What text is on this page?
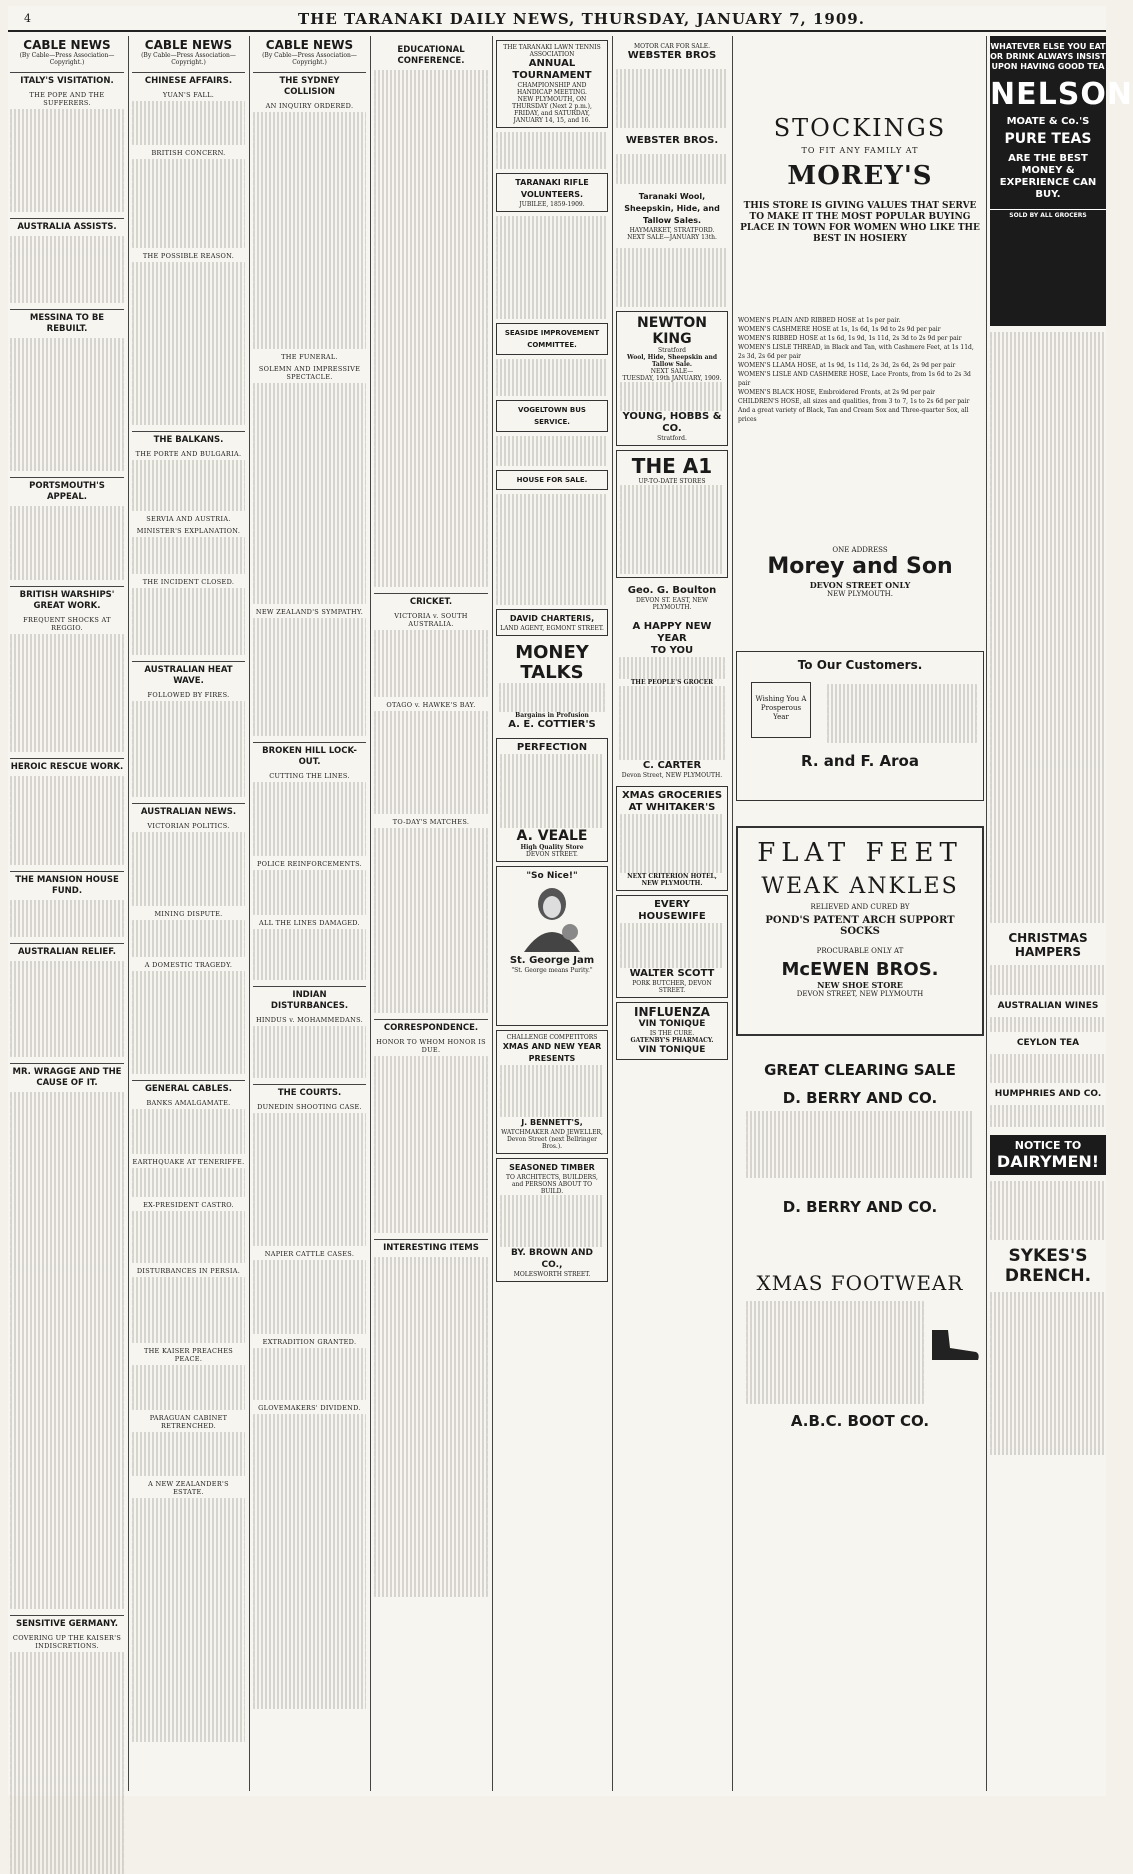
4	THE TARANAKI DAILY NEWS, THURSDAY, JANUARY 7, 1909.
CABLE NEWS
(By Cable—Press Association—Copyright.)
ITALY'S VISITATION.
THE POPE AND THE SUFFERERS.
AUSTRALIA ASSISTS.
MESSINA TO BE REBUILT.
PORTSMOUTH'S APPEAL.
BRITISH WARSHIPS' GREAT WORK.
FREQUENT SHOCKS AT REGGIO.
HEROIC RESCUE WORK.
THE MANSION HOUSE FUND.
AUSTRALIAN RELIEF.
MR. WRAGGE AND THE CAUSE OF IT.
SENSITIVE GERMANY.
COVERING UP THE KAISER'S INDISCRETIONS.
CABLE NEWS
(By Cable—Press Association—Copyright.)
CHINESE AFFAIRS.
YUAN'S FALL.
BRITISH CONCERN.
THE POSSIBLE REASON.
THE BALKANS.
THE PORTE AND BULGARIA.
SERVIA AND AUSTRIA.
MINISTER'S EXPLANATION.
THE INCIDENT CLOSED.
AUSTRALIAN HEAT WAVE.
FOLLOWED BY FIRES.
AUSTRALIAN NEWS.
VICTORIAN POLITICS.
MINING DISPUTE.
A DOMESTIC TRAGEDY.
GENERAL CABLES.
BANKS AMALGAMATE.
EARTHQUAKE AT TENERIFFE.
EX-PRESIDENT CASTRO.
DISTURBANCES IN PERSIA.
THE KAISER PREACHES PEACE.
PARAGUAN CABINET RETRENCHED.
A NEW ZEALANDER'S ESTATE.
CABLE NEWS
(By Cable—Press Association—Copyright.)
THE SYDNEY COLLISION
AN INQUIRY ORDERED.
THE FUNERAL.
SOLEMN AND IMPRESSIVE SPECTACLE.
NEW ZEALAND'S SYMPATHY.
BROKEN HILL LOCK-OUT.
CUTTING THE LINES.
POLICE REINFORCEMENTS.
ALL THE LINES DAMAGED.
INDIAN DISTURBANCES.
HINDUS v. MOHAMMEDANS.
THE COURTS.
DUNEDIN SHOOTING CASE.
NAPIER CATTLE CASES.
EXTRADITION GRANTED.
GLOVEMAKERS' DIVIDEND.
EDUCATIONAL CONFERENCE.
CRICKET.
VICTORIA v. SOUTH AUSTRALIA.
OTAGO v. HAWKE'S BAY.
TO-DAY'S MATCHES.
CORRESPONDENCE.
HONOR TO WHOM HONOR IS DUE.
INTERESTING ITEMS
THE TARANAKI LAWN TENNIS ASSOCIATION
ANNUAL TOURNAMENT
CHAMPIONSHIP AND HANDICAP MEETING.
NEW PLYMOUTH, ON THURSDAY (Next 2 p.m.), FRIDAY, and SATURDAY, JANUARY 14, 15, and 16.
TARANAKI RIFLE VOLUNTEERS.
JUBILEE, 1859-1909.
SEASIDE IMPROVEMENT COMMITTEE.
VOGELTOWN BUS SERVICE.
HOUSE FOR SALE.
DAVID CHARTERIS,
LAND AGENT, EGMONT STREET.
MONEY TALKS
Bargains in Profusion
A. E. COTTIER'S
PERFECTION
A. VEALE
High Quality Store
DEVON STREET.
"So Nice!"
St. George Jam
"St. George means Purity."
CHALLENGE COMPETITORS
XMAS AND NEW YEAR PRESENTS
J. BENNETT'S,
WATCHMAKER AND JEWELLER, Devon Street (next Bellringer Bros.).
SEASONED TIMBER
TO ARCHITECTS, BUILDERS, and PERSONS ABOUT TO BUILD.
BY. BROWN AND CO.,
MOLESWORTH STREET.
MOTOR CAR FOR SALE.
WEBSTER BROS
WEBSTER BROS.
Taranaki Wool, Sheepskin, Hide, and Tallow Sales.
HAYMARKET, STRATFORD.
NEXT SALE—JANUARY 13th.
NEWTON KING
Stratford
Wool, Hide, Sheepskin and Tallow Sale.
NEXT SALE—
TUESDAY, 19th JANUARY, 1909.
YOUNG, HOBBS & CO.
Stratford.
THE A1
UP-TO-DATE STORES
Geo. G. Boulton
DEVON ST. EAST, NEW PLYMOUTH.
A HAPPY NEW YEAR
TO YOU
THE PEOPLE'S GROCER
C. CARTER
Devon Street, NEW PLYMOUTH.
XMAS GROCERIES AT WHITAKER'S
NEXT CRITERION HOTEL, NEW PLYMOUTH.
EVERY HOUSEWIFE
WALTER SCOTT
PORK BUTCHER, DEVON STREET.
INFLUENZA
VIN TONIQUE
IS THE CURE.
GATENBY'S PHARMACY.
VIN TONIQUE
STOCKINGS
TO FIT ANY FAMILY AT
MOREY'S
THIS STORE IS GIVING VALUES THAT SERVE TO MAKE IT THE MOST POPULAR BUYING PLACE IN TOWN FOR WOMEN WHO LIKE THE BEST IN HOSIERY
WOMEN'S PLAIN AND RIBBED HOSE at 1s per pair.
WOMEN'S CASHMERE HOSE at 1s, 1s 6d, 1s 9d to 2s 9d per pair
WOMEN'S RIBBED HOSE at 1s 6d, 1s 9d, 1s 11d, 2s 3d to 2s 9d per pair
WOMEN'S LISLE THREAD, in Black and Tan, with Cashmere Feet, at 1s 11d, 2s 3d, 2s 6d per pair
WOMEN'S LLAMA HOSE, at 1s 9d, 1s 11d, 2s 3d, 2s 6d, 2s 9d per pair
WOMEN'S LISLE AND CASHMERE HOSE, Lace Fronts, from 1s 6d to 2s 3d pair
WOMEN'S BLACK HOSE, Embroidered Fronts, at 2s 9d per pair
CHILDREN'S HOSE, all sizes and qualities, from 3 to 7, 1s to 2s 6d per pair
And a great variety of Black, Tan and Cream Sox and Three-quarter Sox, all prices
ONE ADDRESS
Morey and Son
DEVON STREET ONLY
NEW PLYMOUTH.
To Our Customers.
Wishing You A Prosperous Year
R. and F. Aroa
FLAT FEET
WEAK ANKLES
RELIEVED AND CURED BY
POND'S PATENT ARCH SUPPORT SOCKS
PROCURABLE ONLY AT
McEWEN BROS.
NEW SHOE STORE
DEVON STREET, NEW PLYMOUTH
GREAT CLEARING SALE
D. BERRY AND CO.
D. BERRY AND CO.
XMAS FOOTWEAR
A.B.C. BOOT CO.
WHATEVER ELSE YOU EAT OR DRINK ALWAYS INSIST UPON HAVING GOOD TEA
NELSON
MOATE & Co.'S
PURE TEAS
ARE THE BEST MONEY & EXPERIENCE CAN BUY.
SOLD BY ALL GROCERS
CHRISTMAS HAMPERS
AUSTRALIAN WINES
CEYLON TEA
HUMPHRIES AND CO.
NOTICE TO
DAIRYMEN!
SYKES'S DRENCH.
